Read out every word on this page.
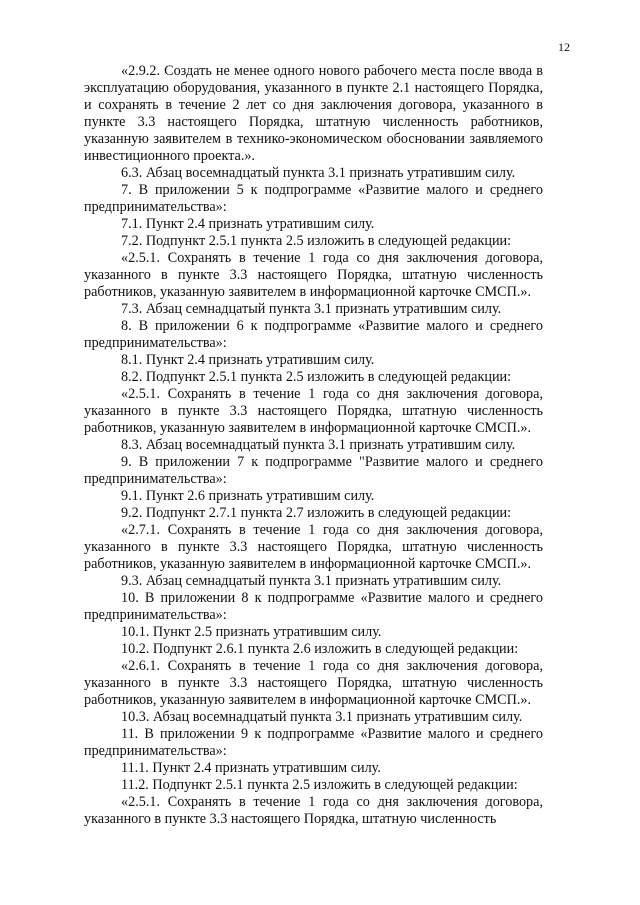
12

«2.9.2. Создать не менее одного нового рабочего места после ввода в эксплуатацию оборудования, указанного в пункте 2.1 настоящего Порядка, и сохранять в течение 2 лет со дня заключения договора, указанного в пункте 3.3 настоящего Порядка, штатную численность работников, указанную заявителем в технико-экономическом обосновании заявляемого инвестиционного проекта.».

6.3. Абзац восемнадцатый пункта 3.1 признать утратившим силу.

7. В приложении 5 к подпрограмме «Развитие малого и среднего предпринимательства»:

7.1. Пункт 2.4 признать утратившим силу.

7.2. Подпункт 2.5.1 пункта 2.5 изложить в следующей редакции:

«2.5.1. Сохранять в течение 1 года со дня заключения договора, указанного в пункте 3.3 настоящего Порядка, штатную численность работников, указанную заявителем в информационной карточке СМСП.».

7.3. Абзац семнадцатый пункта 3.1 признать утратившим силу.

8. В приложении 6 к подпрограмме «Развитие малого и среднего предпринимательства»:

8.1. Пункт 2.4 признать утратившим силу.

8.2. Подпункт 2.5.1 пункта 2.5 изложить в следующей редакции:

«2.5.1. Сохранять в течение 1 года со дня заключения договора, указанного в пункте 3.3 настоящего Порядка, штатную численность работников, указанную заявителем в информационной карточке СМСП.».

8.3. Абзац восемнадцатый пункта 3.1 признать утратившим силу.

9. В приложении 7 к подпрограмме "Развитие малого и среднего предпринимательства»:

9.1. Пункт 2.6 признать утратившим силу.

9.2. Подпункт 2.7.1 пункта 2.7 изложить в следующей редакции:

«2.7.1. Сохранять в течение 1 года со дня заключения договора, указанного в пункте 3.3 настоящего Порядка, штатную численность работников, указанную заявителем в информационной карточке СМСП.».

9.3. Абзац семнадцатый пункта 3.1 признать утратившим силу.

10. В приложении 8 к подпрограмме «Развитие малого и среднего предпринимательства»:

10.1. Пункт 2.5 признать утратившим силу.

10.2. Подпункт 2.6.1 пункта 2.6 изложить в следующей редакции:

«2.6.1. Сохранять в течение 1 года со дня заключения договора, указанного в пункте 3.3 настоящего Порядка, штатную численность работников, указанную заявителем в информационной карточке СМСП.».

10.3. Абзац восемнадцатый пункта 3.1 признать утратившим силу.

11. В приложении 9 к подпрограмме «Развитие малого и среднего предпринимательства»:

11.1. Пункт 2.4 признать утратившим силу.

11.2. Подпункт 2.5.1 пункта 2.5 изложить в следующей редакции:

«2.5.1. Сохранять в течение 1 года со дня заключения договора, указанного в пункте 3.3 настоящего Порядка, штатную численность
